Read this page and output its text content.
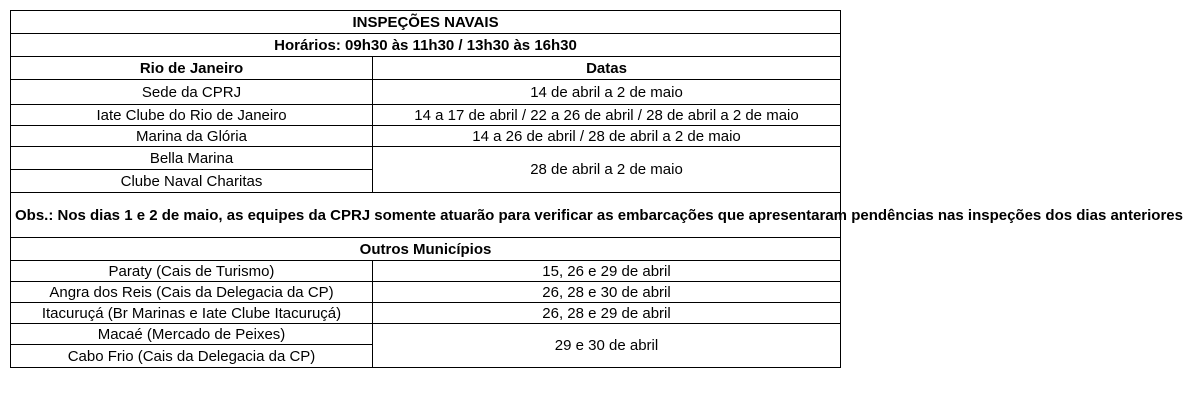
INSPEÇÕES NAVAIS	
Horários: 09h30 às 11h30 / 13h30 às 16h30	
Rio de Janeiro	Datas
Sede da CPRJ	14 de abril a 2 de maio
Iate Clube do Rio de Janeiro	14 a 17 de abril / 22 a 26 de abril / 28 de abril a 2 de maio
Marina da Glória	14 a 26 de abril / 28 de abril a 2 de maio
Bella Marina	28 de abril a 2 de maio
Clube Naval Charitas	
Obs.: Nos dias 1 e 2 de maio, as equipes da CPRJ somente atuarão para verificar as embarcações que apresentaram pendências nas inspeções dos dias anteriores	
Outros Municípios	
Paraty (Cais de Turismo)	15, 26 e 29 de abril
Angra dos Reis (Cais da Delegacia da CP)	26, 28 e 30 de abril
Itacuruçá (Br Marinas e Iate Clube Itacuruçá)	26, 28 e 29 de abril
Macaé (Mercado de Peixes)	29 e 30 de abril
Cabo Frio (Cais da Delegacia da CP)	
